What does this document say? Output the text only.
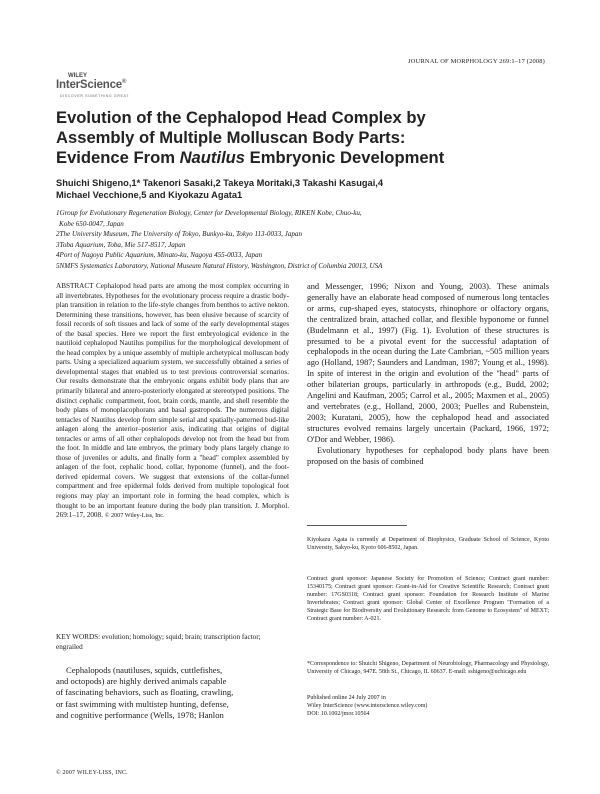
JOURNAL OF MORPHOLOGY 269:1–17 (2008)
WILEY
InterScience®
DISCOVER SOMETHING GREAT
Evolution of the Cephalopod Head Complex by
Assembly of Multiple Molluscan Body Parts:
Evidence From Nautilus Embryonic Development
Shuichi Shigeno,1* Takenori Sasaki,2 Takeya Moritaki,3 Takashi Kasugai,4
Michael Vecchione,5 and Kiyokazu Agata1
1Group for Evolutionary Regeneration Biology, Center for Developmental Biology, RIKEN Kobe, Chuo-ku,
Kobe 650-0047, Japan
2The University Museum, The University of Tokyo, Bunkyo-ku, Tokyo 113-0033, Japan
3Toba Aquarium, Toba, Mie 517-8517, Japan
4Port of Nagoya Public Aquarium, Minato-ku, Nagoya 455-0033, Japan
5NMFS Systematics Laboratory, National Museum Natural History, Washington, District of Columbia 20013, USA

ABSTRACT Cephalopod head parts are among the most complex occurring in all invertebrates. Hypotheses for the evolutionary process require a drastic body-plan transition in relation to the life-style changes from benthos to active nekton. Determining these transitions, however, has been elusive because of scarcity of fossil records of soft tissues and lack of some of the early developmental stages of the basal species. Here we report the first embryological evidence in the nautiloid cephalopod Nautilus pompilius for the morphological development of the head complex by a unique assembly of multiple archetypical molluscan body parts. Using a specialized aquarium system, we successfully obtained a series of developmental stages that enabled us to test previous controversial scenarios. Our results demonstrate that the embryonic organs exhibit body plans that are primarily bilateral and antero-posteriorly elongated at stereotyped positions. The distinct cephalic compartment, foot, brain cords, mantle, and shell resemble the body plans of monoplacophorans and basal gastropods. The numerous digital tentacles of Nautilus develop from simple serial and spatially-patterned bud-like anlagen along the anterior–posterior axis, indicating that origins of digital tentacles or arms of all other cephalopods develop not from the head but from the foot. In middle and late embryos, the primary body plans largely change to those of juveniles or adults, and finally form a "head" complex assembled by anlagen of the foot, cephalic hood, collar, hyponome (funnel), and the foot-derived epidermal covers. We suggest that extensions of the collar-funnel compartment and free epidermal folds derived from multiple topological foot regions may play an important role in forming the head complex, which is thought to be an important feature during the body plan transition. J. Morphol. 269:1–17, 2008. © 2007 Wiley-Liss, Inc.

KEY WORDS: evolution; homology; squid; brain; transcription factor; engrailed
Cephalopods (nautiluses, squids, cuttlefishes,
and octopods) are highly derived animals capable
of fascinating behaviors, such as floating, crawling,
or fast swimming with multistep hunting, defense,
and cognitive performance (Wells, 1978; Hanlon

and Messenger, 1996; Nixon and Young, 2003). These animals generally have an elaborate head composed of numerous long tentacles or arms, cup-shaped eyes, statocysts, rhinophore or olfactory organs, the centralized brain, attached collar, and flexible hyponome or funnel (Budelmann et al., 1997) (Fig. 1). Evolution of these structures is presumed to be a pivotal event for the successful adaptation of cephalopods in the ocean during the Late Cambrian, ~505 million years ago (Holland, 1987; Saunders and Landman, 1987; Young et al., 1998). In spite of interest in the origin and evolution of the "head" parts of other bilaterian groups, particularly in arthropods (e.g., Budd, 2002; Angelini and Kaufman, 2005; Carrol et al., 2005; Maxmen et al., 2005) and vertebrates (e.g., Holland, 2000, 2003; Puelles and Rubenstein, 2003; Kuratani, 2005), how the cephalopod head and associated structures evolved remains largely uncertain (Packard, 1966, 1972; O'Dor and Webber, 1986).

Evolutionary hypotheses for cephalopod body plans have been proposed on the basis of combined

Kiyokazu Agata is currently at Department of Biophysics, Graduate School of Science, Kyoto University, Sakyo-ku, Kyoto 606-8502, Japan.
Contract grant sponsor: Japanese Society for Promotion of Science; Contract grant number: 15340175; Contract grant sponsor: Grant-in-Aid for Creative Scientific Research; Contract grant number: 17GS0318; Contract grant sponsor: Foundation for Research Institute of Marine Invertebrates; Contract grant sponsor: Global Center of Excellence Program "Formation of a Strategic Base for Biodiversity and Evolutionary Research: from Genome to Ecosystem" of MEXT; Contract grant number: A-021.
*Correspondence to: Shuichi Shigeno, Department of Neurobiology, Pharmacology and Physiology, University of Chicago, 947E. 58th St., Chicago, IL 60637. E-mail: sshigeno@uchicago.edu
Published online 24 July 2007 in
Wiley InterScience (www.interscience.wiley.com)
DOI: 10.1002/jmor.10564
© 2007 WILEY-LISS, INC.
